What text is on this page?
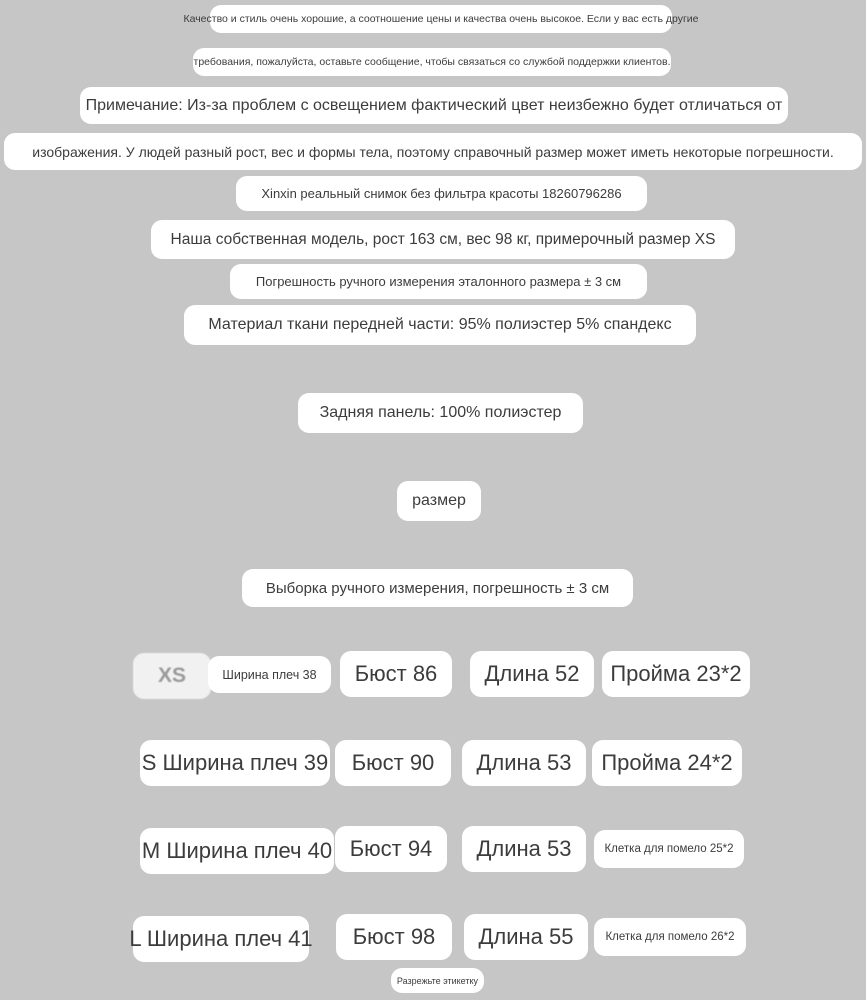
Качество и стиль очень хорошие, а соотношение цены и качества очень высокое. Если у вас есть другие
требования, пожалуйста, оставьте сообщение, чтобы связаться со службой поддержки клиентов.
Примечание: Из-за проблем с освещением фактический цвет неизбежно будет отличаться от
изображения. У людей разный рост, вес и формы тела, поэтому справочный размер может иметь некоторые погрешности.
Xinxin реальный снимок без фильтра красоты 18260796286
Наша собственная модель, рост 163 см, вес 98 кг, примерочный размер XS
Погрешность ручного измерения эталонного размера ± 3 см
Материал ткани передней части: 95% полиэстер 5% спандекс
Задняя панель: 100% полиэстер
размер
Выборка ручного измерения, погрешность ± 3 см
XS	Ширина плеч 38	Бюст 86	Длина 52	Пройма 23*2
S Ширина плеч 39	Бюст 90	Длина 53	Пройма 24*2
M Ширина плеч 40 Бюст 94	Длина 53	Клетка для помело 25*2
L Ширина плеч 41	Бюст 98	Длина 55	Клетка для помело 26*2
Разрежьте этикетку
